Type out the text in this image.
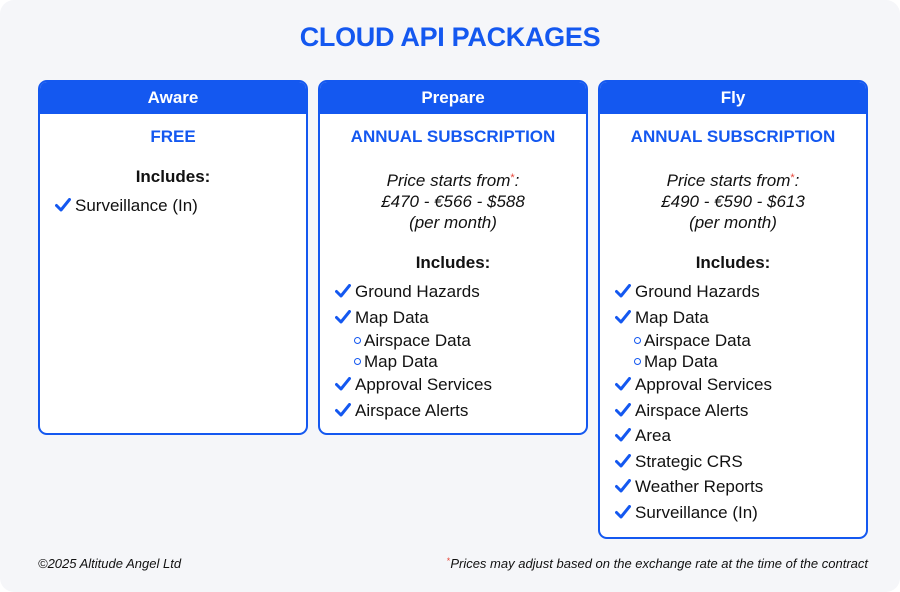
CLOUD API PACKAGES
Aware
FREE
Includes:
Surveillance (In)
Prepare
ANNUAL SUBSCRIPTION
Price starts from*:
£470 - €566 - $588
(per month)
Includes:
Ground Hazards
Map Data
Airspace Data
Map Data
Approval Services
Airspace Alerts
Fly
ANNUAL SUBSCRIPTION
Price starts from*:
£490 - €590 - $613
(per month)
Includes:
Ground Hazards
Map Data
Airspace Data
Map Data
Approval Services
Airspace Alerts
Area
Strategic CRS
Weather Reports
Surveillance (In)
©2025 Altitude Angel Ltd	*Prices may adjust based on the exchange rate at the time of the contract
